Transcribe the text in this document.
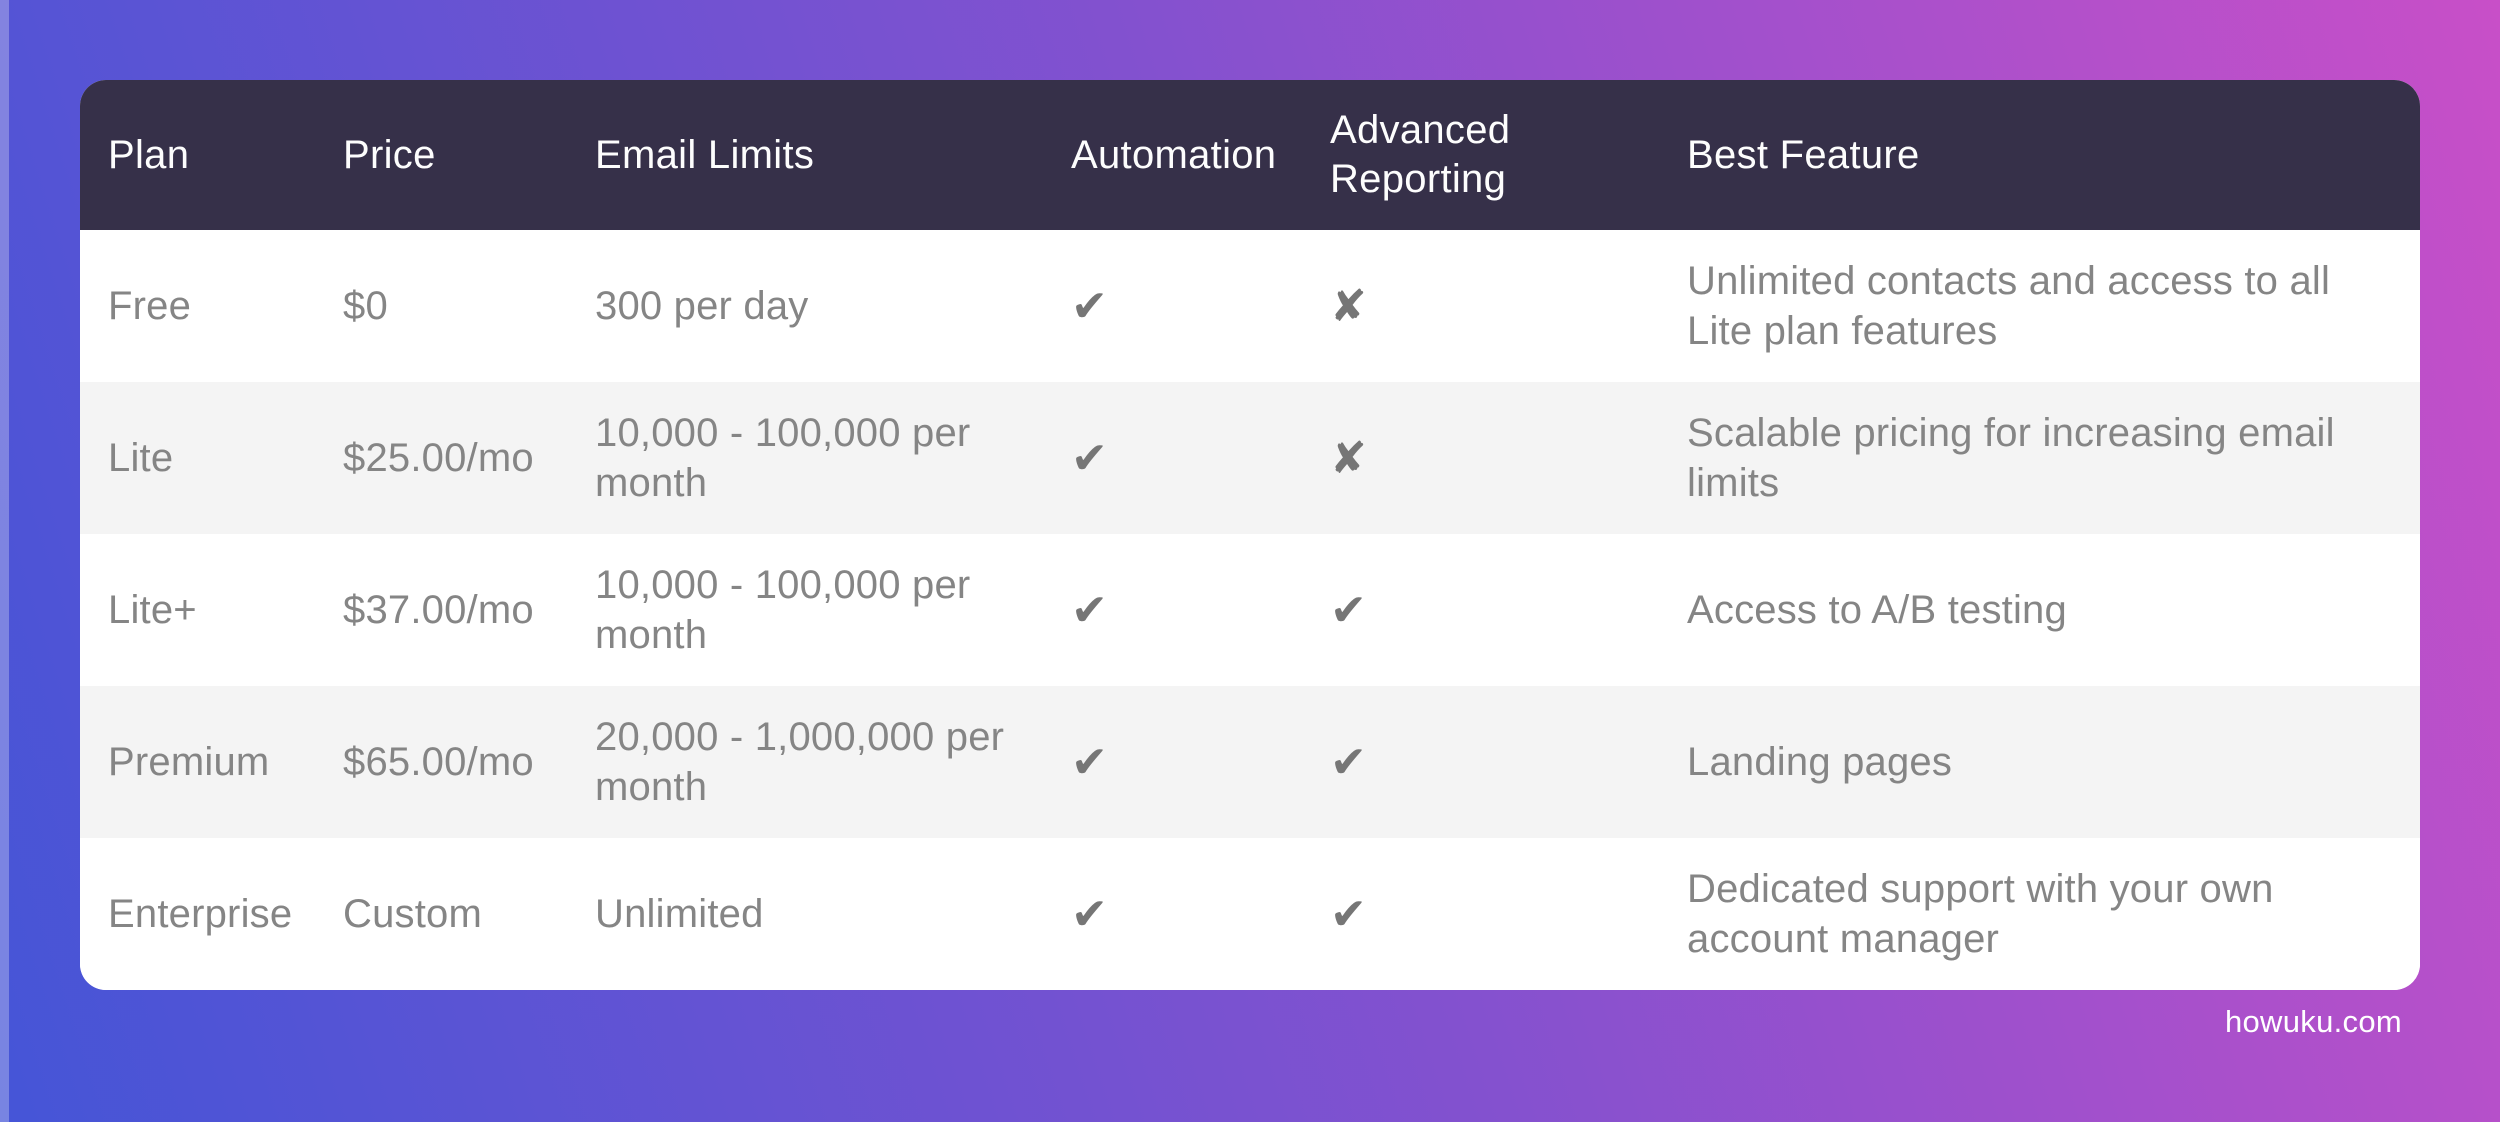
Plan	Price	Email Limits	Automation	Advanced Reporting	Best Feature
Free	$0	300 per day	✔	✘	Unlimited contacts and access to all Lite plan features
Lite	$25.00/mo	10,000 - 100,000 per month	✔	✘	Scalable pricing for increasing email limits
Lite+	$37.00/mo	10,000 - 100,000 per month	✔	✔	Access to A/B testing
Premium	$65.00/mo	20,000 - 1,000,000 per month	✔	✔	Landing pages
Enterprise	Custom	Unlimited	✔	✔	Dedicated support with your own account manager
howuku.com
